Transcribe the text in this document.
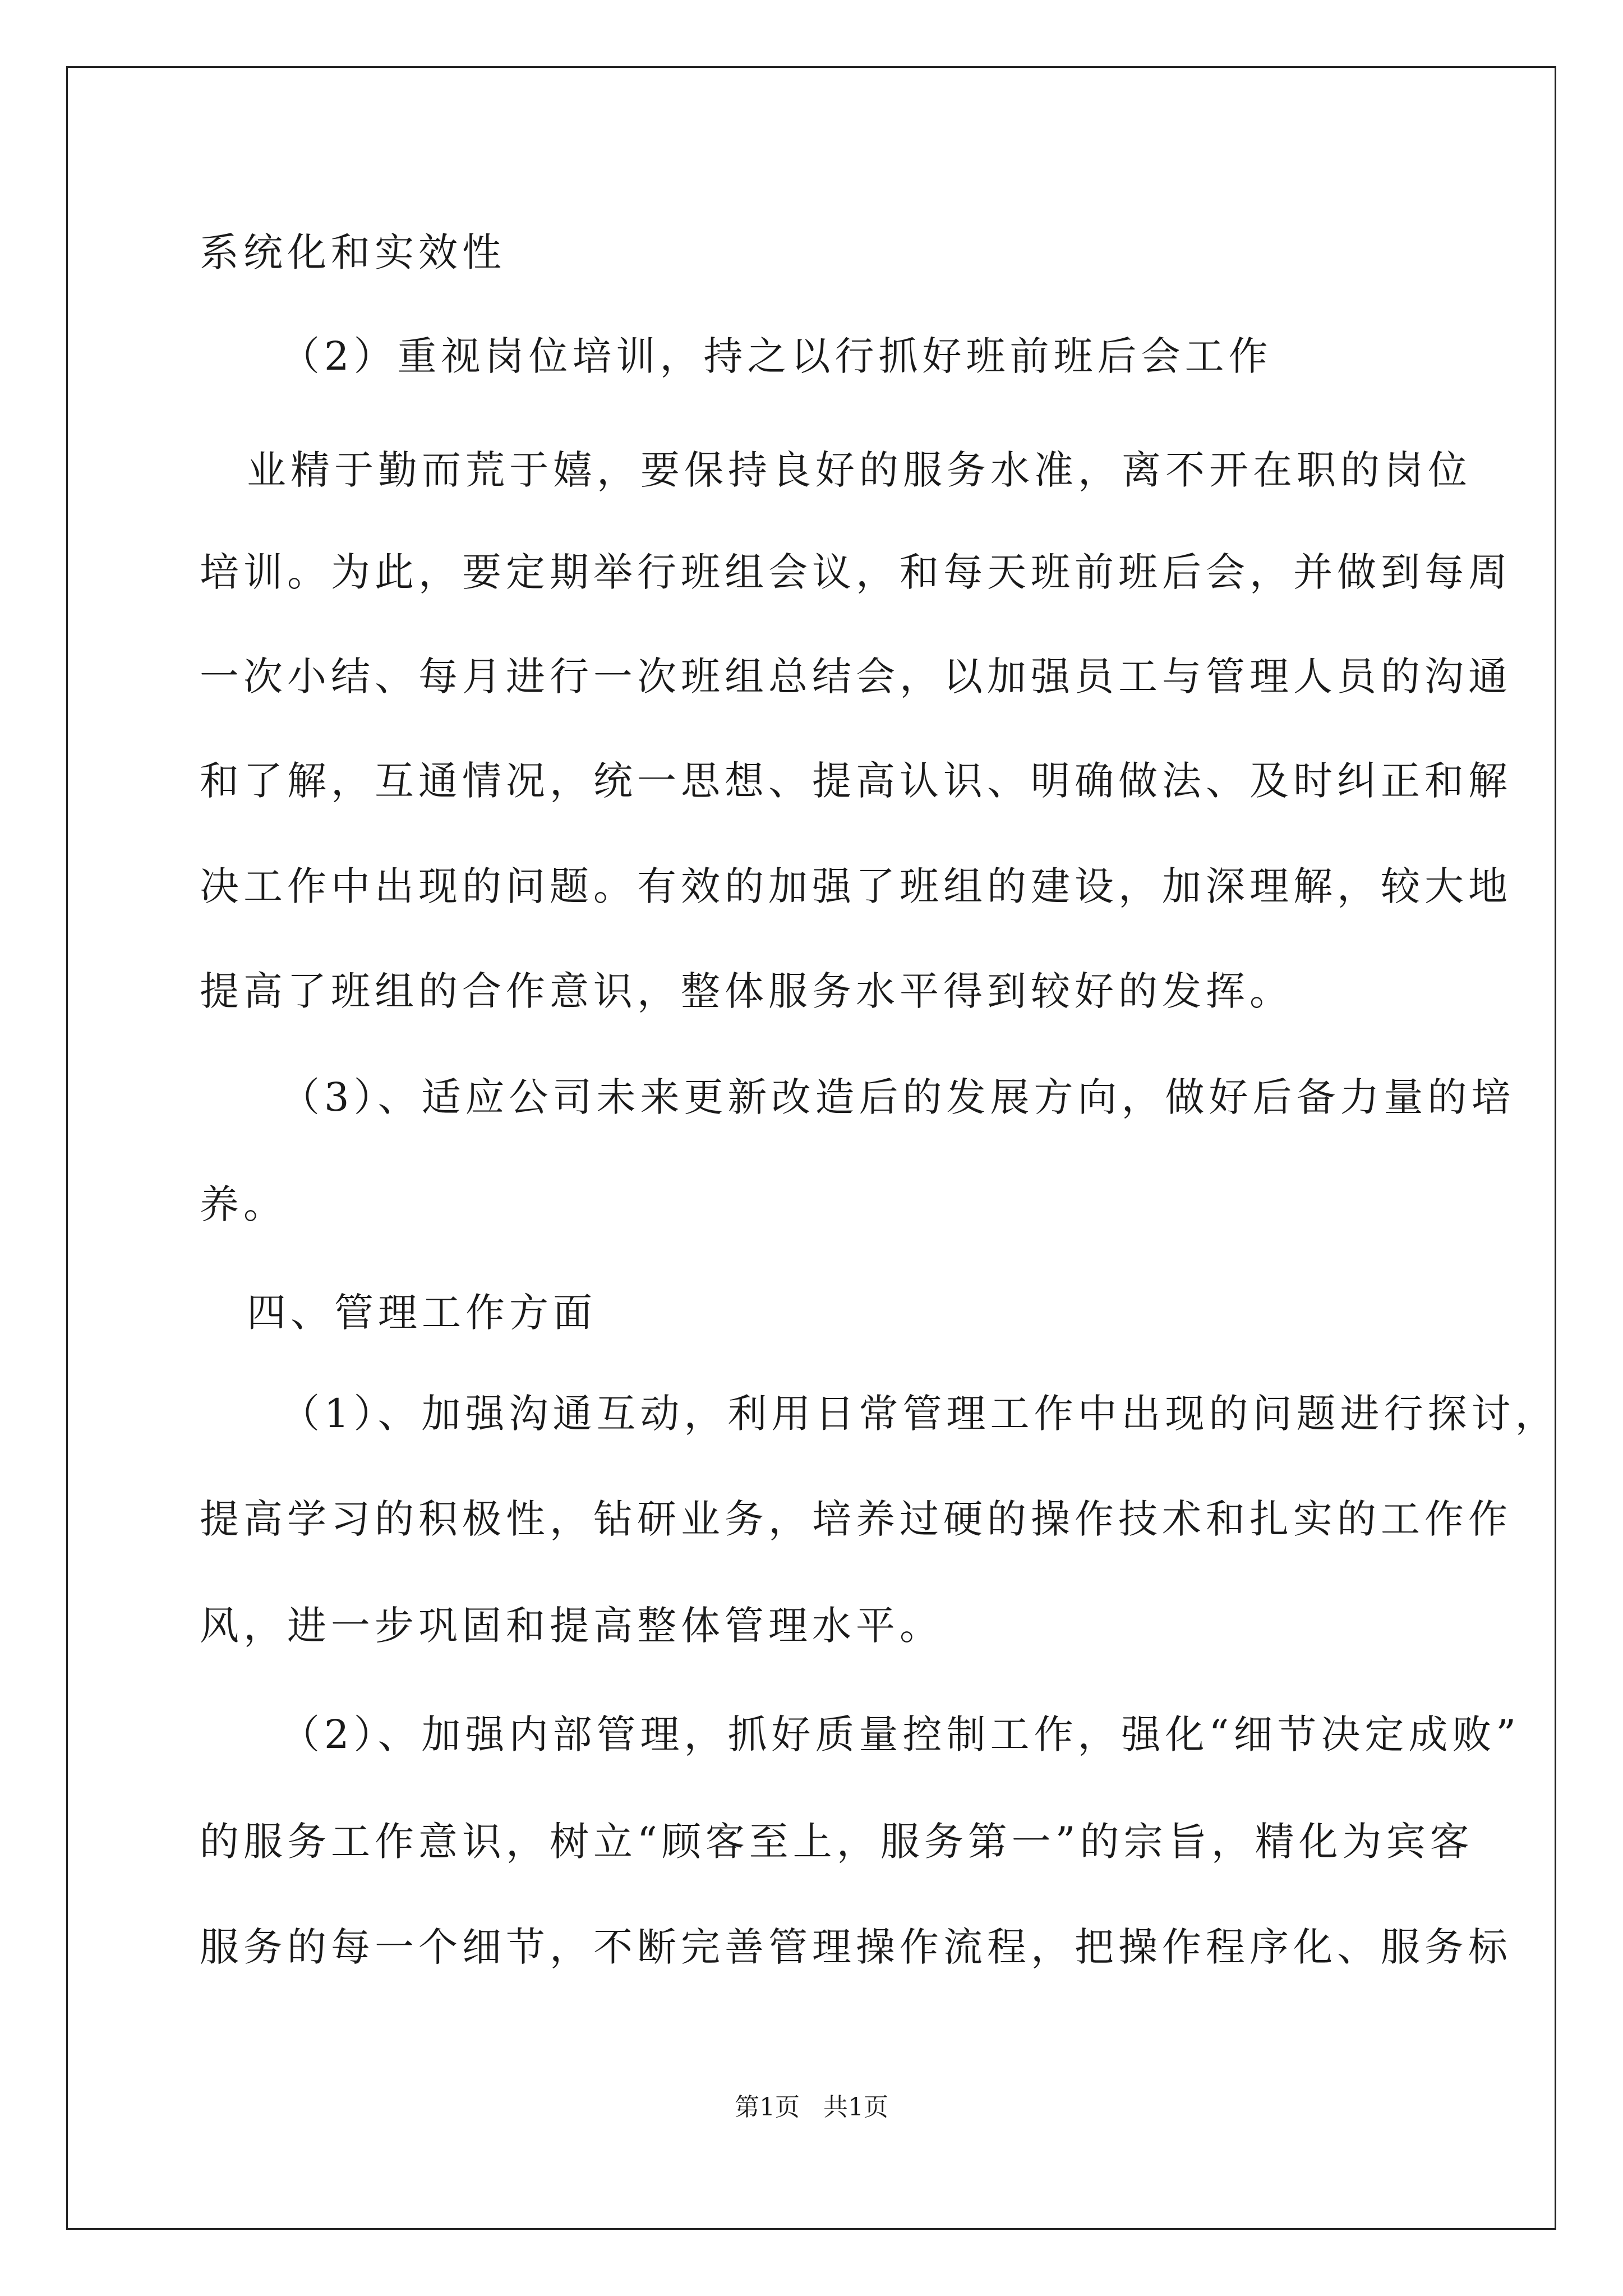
系统化和实效性
（2）重视岗位培训，持之以行抓好班前班后会工作
业精于勤而荒于嬉，要保持良好的服务水准，离不开在职的岗位
培训。为此，要定期举行班组会议，和每天班前班后会，并做到每周
一次小结、每月进行一次班组总结会，以加强员工与管理人员的沟通
和了解，互通情况，统一思想、提高认识、明确做法、及时纠正和解
决工作中出现的问题。有效的加强了班组的建设，加深理解，较大地
提高了班组的合作意识，整体服务水平得到较好的发挥。
（3）、适应公司未来更新改造后的发展方向，做好后备力量的培
养。
四、管理工作方面
（1）、加强沟通互动，利用日常管理工作中出现的问题进行探讨，
提高学习的积极性，钻研业务，培养过硬的操作技术和扎实的工作作
风，进一步巩固和提高整体管理水平。
（2）、加强内部管理，抓好质量控制工作，强化“细节决定成败”
的服务工作意识，树立“顾客至上，服务第一”的宗旨，精化为宾客
服务的每一个细节，不断完善管理操作流程，把操作程序化、服务标
第1页   共1页
